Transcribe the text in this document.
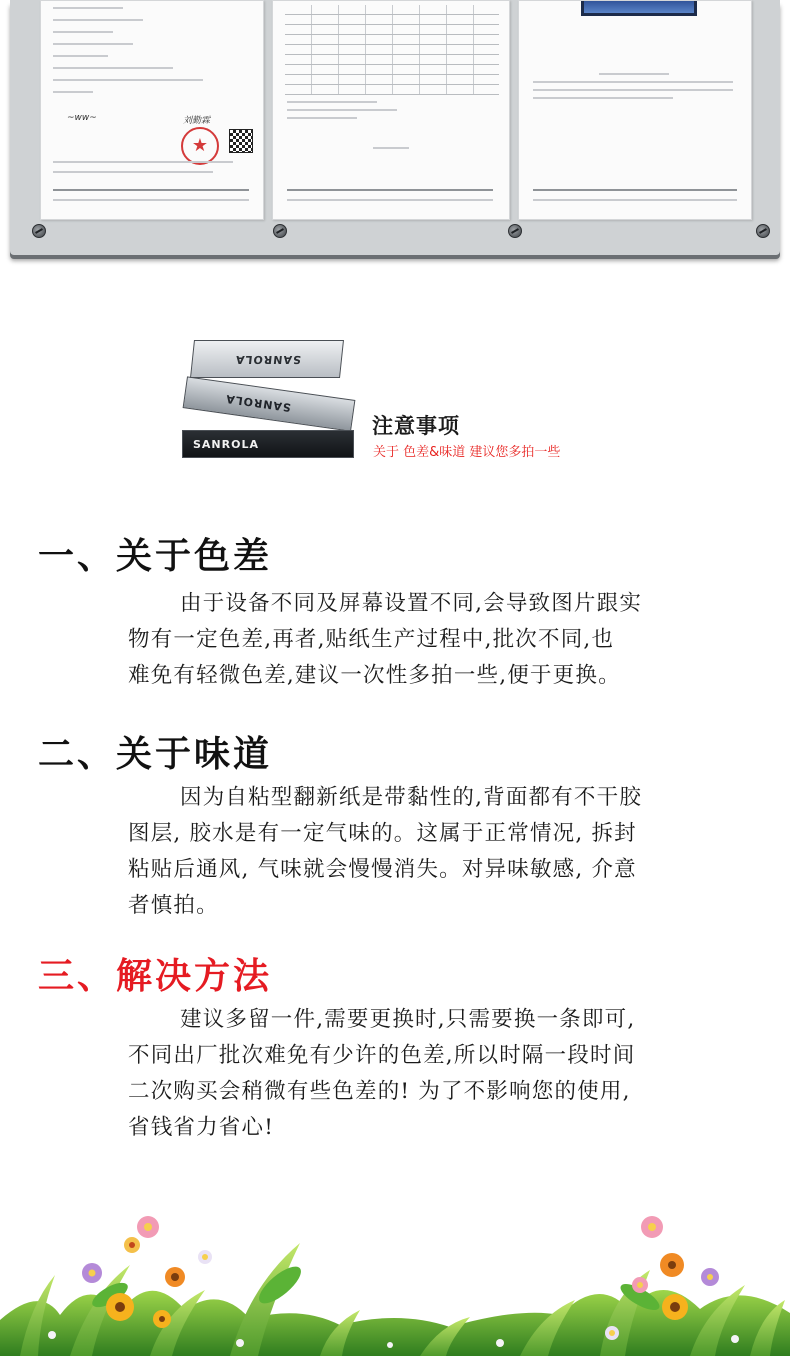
~ww~	刘勤霖
★
SANROLA
SANROLA
SANROLA
注意事项
关于 色差&味道 建议您多拍一些
一、关于色差
由于设备不同及屏幕设置不同,会导致图片跟实
物有一定色差,再者,贴纸生产过程中,批次不同,也
难免有轻微色差,建议一次性多拍一些,便于更换。
二、关于味道
因为自粘型翻新纸是带黏性的,背面都有不干胶
图层, 胶水是有一定气味的。这属于正常情况, 拆封
粘贴后通风, 气味就会慢慢消失。对异味敏感, 介意
者慎拍。
三、解决方法
建议多留一件,需要更换时,只需要换一条即可,
不同出厂批次难免有少许的色差,所以时隔一段时间
二次购买会稍微有些色差的! 为了不影响您的使用,
省钱省力省心!
